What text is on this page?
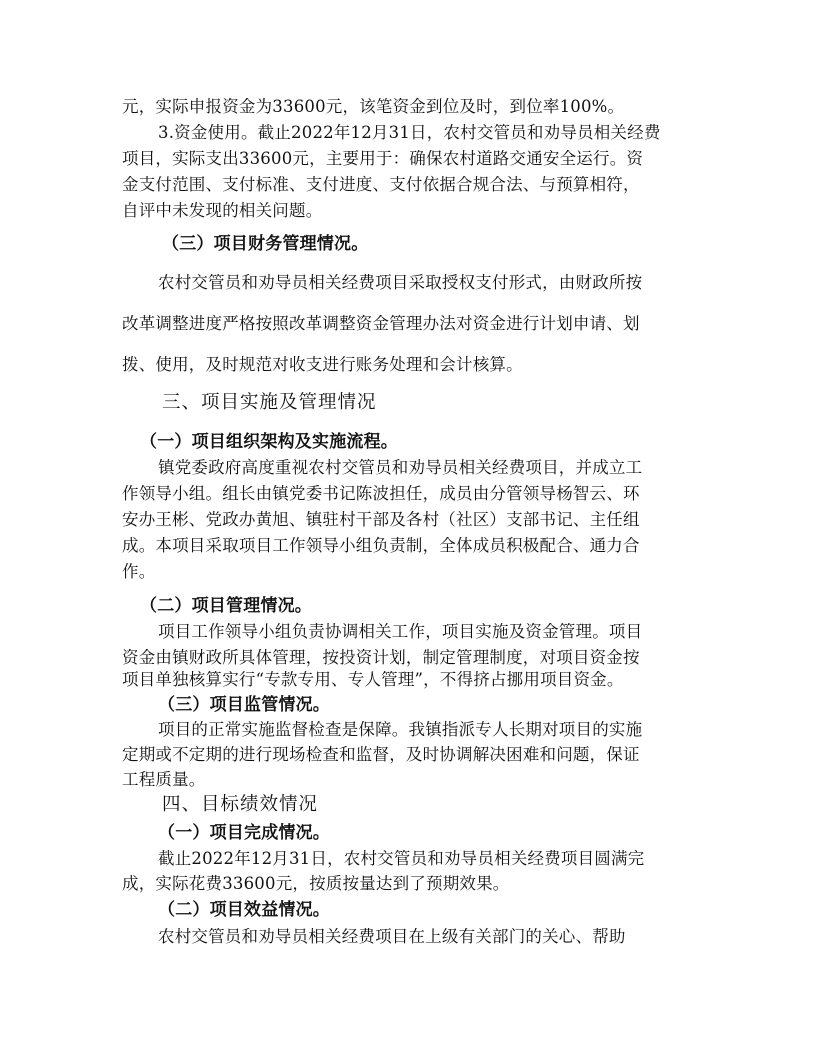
元，实际申报资金为33600元，该笔资金到位及时，到位率100%。
3.资金使用。截止2022年12月31日，农村交管员和劝导员相关经费
项目，实际支出33600元，主要用于：确保农村道路交通安全运行。资
金支付范围、支付标准、支付进度、支付依据合规合法、与预算相符，
自评中未发现的相关问题。
（三）项目财务管理情况。
农村交管员和劝导员相关经费项目采取授权支付形式，由财政所按
改革调整进度严格按照改革调整资金管理办法对资金进行计划申请、划
拨、使用，及时规范对收支进行账务处理和会计核算。
三、项目实施及管理情况
（一）项目组织架构及实施流程。
镇党委政府高度重视农村交管员和劝导员相关经费项目，并成立工
作领导小组。组长由镇党委书记陈波担任，成员由分管领导杨智云、环
安办王彬、党政办黄旭、镇驻村干部及各村（社区）支部书记、主任组
成。本项目采取项目工作领导小组负责制，全体成员积极配合、通力合
作。
（二）项目管理情况。
项目工作领导小组负责协调相关工作，项目实施及资金管理。项目
资金由镇财政所具体管理，按投资计划，制定管理制度，对项目资金按
项目单独核算实行“专款专用、专人管理”，不得挤占挪用项目资金。
（三）项目监管情况。
项目的正常实施监督检查是保障。我镇指派专人长期对项目的实施
定期或不定期的进行现场检查和监督，及时协调解决困难和问题，保证
工程质量。
四、目标绩效情况
（一）项目完成情况。
截止2022年12月31日，农村交管员和劝导员相关经费项目圆满完
成，实际花费33600元，按质按量达到了预期效果。
（二）项目效益情况。
农村交管员和劝导员相关经费项目在上级有关部门的关心、帮助
